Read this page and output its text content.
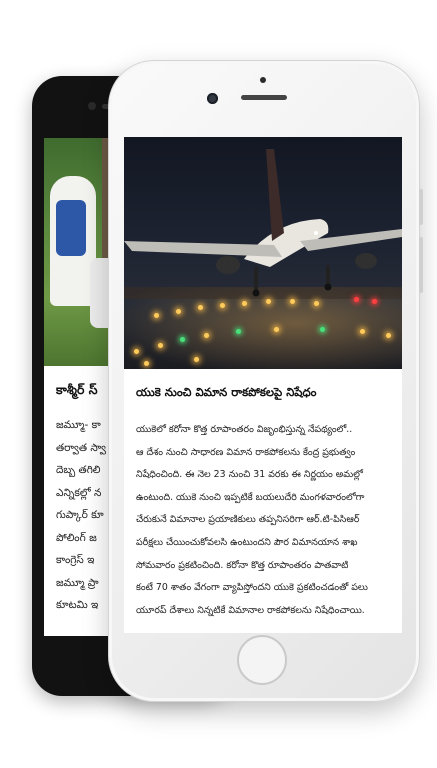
కాశ్మీర్ స్
జమ్మూ- కా
తర్వాత స్వా
దెబ్బ తగిలి
ఎన్నికల్లో న
గుప్కార్ కూ
పోలింగ్ జ
కాంగ్రెస్ ఇ
జమ్మూ ప్రా
కూటమి ఇ
యుకె నుంచి విమాన రాకపోకలపై నిషేధం
యుకెలో కరోనా కొత్త రూపాంతరం విజృంభిస్తున్న నేపథ్యంలో..
ఆ దేశం నుంచి సాధారణ విమాన రాకపోకలను కేంద్ర ప్రభుత్వం
నిషేధించింది. ఈ నెల 23 నుంచి 31 వరకు ఈ నిర్ణయం అమల్లో
ఉంటుంది. యుకె నుంచి ఇప్పటికే బయలుదేరి మంగళవారంలోగా
చేరుకునే విమానాల ప్రయాణికులు తప్పనిసరిగా ఆర్.టి-పిసిఆర్
పరీక్షలు చేయించుకోవలసి ఉంటుందని పౌర విమానయాన శాఖ
సోమవారం ప్రకటించింది. కరోనా కొత్త రూపాంతరం పాతవాటి
కంటే 70 శాతం వేగంగా వ్యాపిస్తోందని యుకె ప్రకటించడంతో పలు
యూరప్ దేశాలు నిన్నటికే విమానాల రాకపోకలను నిషేధించాయి.
